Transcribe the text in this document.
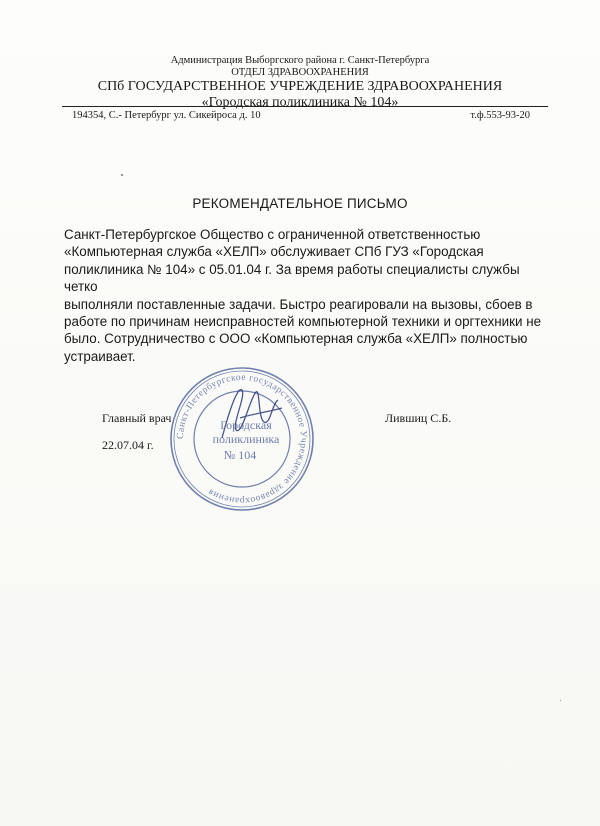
Администрация Выборгского района г. Санкт-Петербурга
ОТДЕЛ ЗДРАВООХРАНЕНИЯ
СПб ГОСУДАРСТВЕННОЕ УЧРЕЖДЕНИЕ ЗДРАВООХРАНЕНИЯ
«Городская поликлиника № 104»
194354, С.- Петербург ул. Сикейроса д. 10	т.ф.553-93-20
РЕКОМЕНДАТЕЛЬНОЕ ПИСЬМО

Санкт-Петербургское Общество с ограниченной ответственностью

«Компьютерная служба «ХЕЛП» обслуживает СПб ГУЗ «Городская

поликлиника № 104» с 05.01.04 г. За время работы специалисты службы четко

выполняли поставленные задачи. Быстро реагировали на вызовы, сбоев в

работе по причинам неисправностей компьютерной техники и оргтехники не

было. Сотрудничество с ООО «Компьютерная служба «ХЕЛП» полностью

устраивает.

Главный врач
22.07.04 г.
Лившиц С.Б.
Санкт-Петербургское государственное Учреждение здравоохранения
Городская
поликлиника
№ 104
